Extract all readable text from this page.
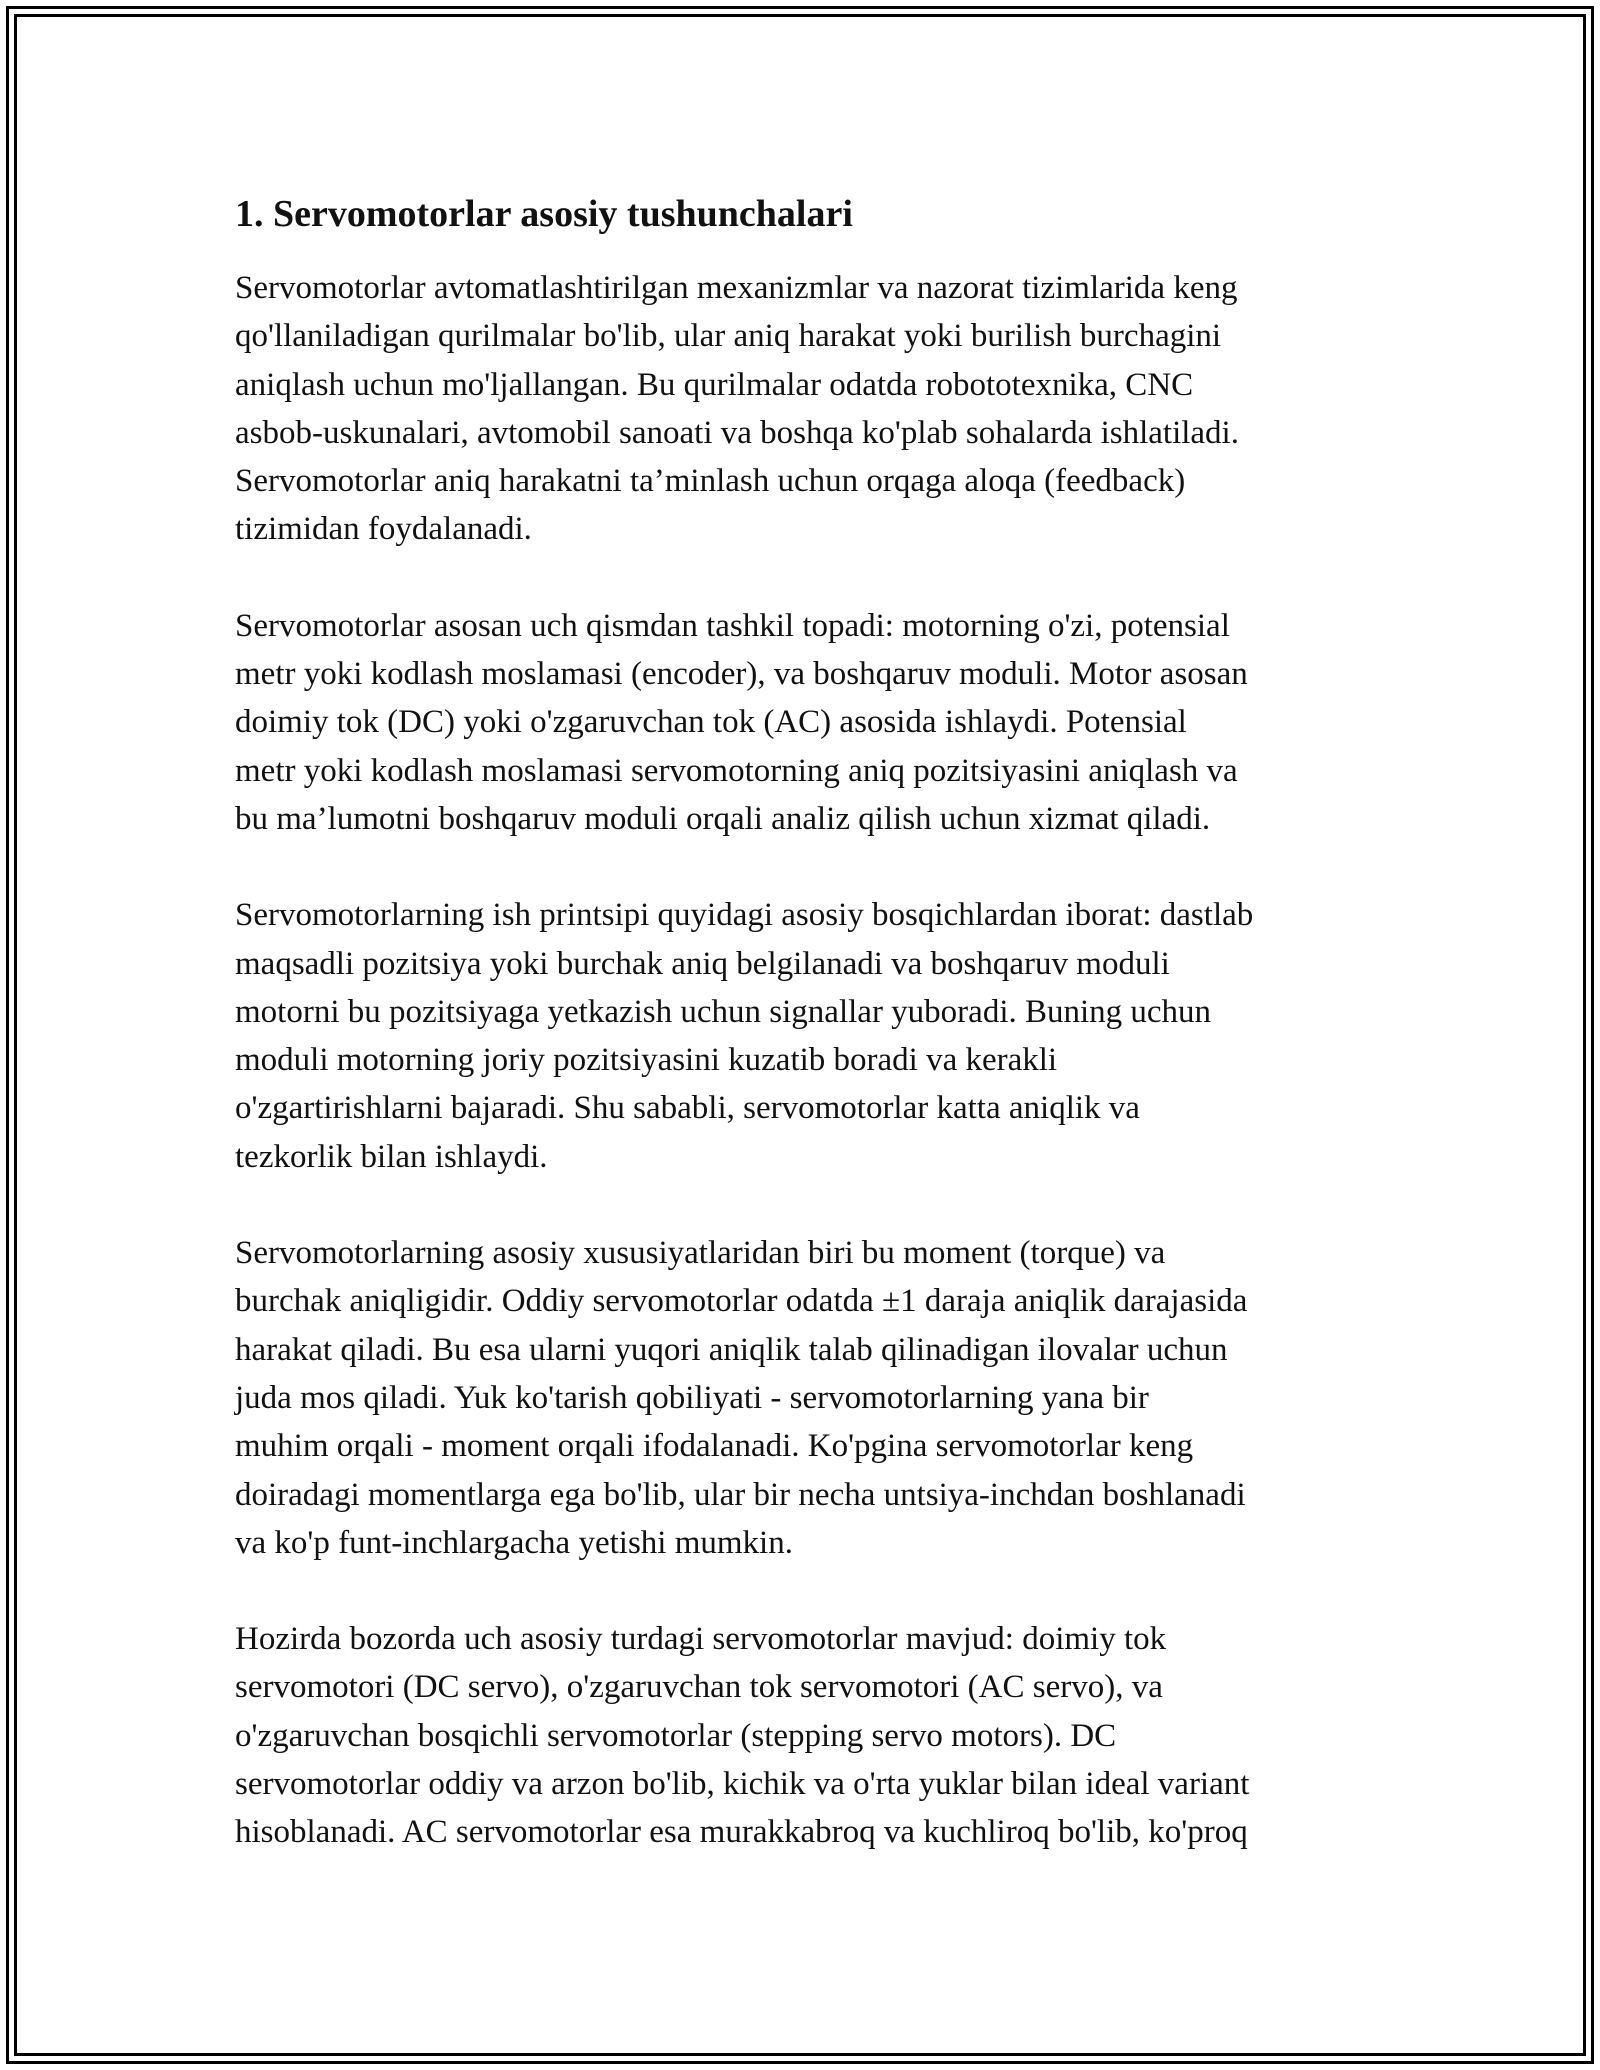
1. Servomotorlar asosiy tushunchalari

Servomotorlar avtomatlashtirilgan mexanizmlar va nazorat tizimlarida keng
qo'llaniladigan qurilmalar bo'lib, ular aniq harakat yoki burilish burchagini
aniqlash uchun mo'ljallangan. Bu qurilmalar odatda robototexnika, CNC
asbob-uskunalari, avtomobil sanoati va boshqa ko'plab sohalarda ishlatiladi.
Servomotorlar aniq harakatni ta’minlash uchun orqaga aloqa (feedback)
tizimidan foydalanadi.

Servomotorlar asosan uch qismdan tashkil topadi: motorning o'zi, potensial
metr yoki kodlash moslamasi (encoder), va boshqaruv moduli. Motor asosan
doimiy tok (DC) yoki o'zgaruvchan tok (AC) asosida ishlaydi. Potensial
metr yoki kodlash moslamasi servomotorning aniq pozitsiyasini aniqlash va
bu ma’lumotni boshqaruv moduli orqali analiz qilish uchun xizmat qiladi.

Servomotorlarning ish printsipi quyidagi asosiy bosqichlardan iborat: dastlab
maqsadli pozitsiya yoki burchak aniq belgilanadi va boshqaruv moduli
motorni bu pozitsiyaga yetkazish uchun signallar yuboradi. Buning uchun
moduli motorning joriy pozitsiyasini kuzatib boradi va kerakli
o'zgartirishlarni bajaradi. Shu sababli, servomotorlar katta aniqlik va
tezkorlik bilan ishlaydi.

Servomotorlarning asosiy xususiyatlaridan biri bu moment (torque) va
burchak aniqligidir. Oddiy servomotorlar odatda ±1 daraja aniqlik darajasida
harakat qiladi. Bu esa ularni yuqori aniqlik talab qilinadigan ilovalar uchun
juda mos qiladi. Yuk ko'tarish qobiliyati - servomotorlarning yana bir
muhim orqali - moment orqali ifodalanadi. Ko'pgina servomotorlar keng
doiradagi momentlarga ega bo'lib, ular bir necha untsiya-inchdan boshlanadi
va ko'p funt-inchlargacha yetishi mumkin.

Hozirda bozorda uch asosiy turdagi servomotorlar mavjud: doimiy tok
servomotori (DC servo), o'zgaruvchan tok servomotori (AC servo), va
o'zgaruvchan bosqichli servomotorlar (stepping servo motors). DC
servomotorlar oddiy va arzon bo'lib, kichik va o'rta yuklar bilan ideal variant
hisoblanadi. AC servomotorlar esa murakkabroq va kuchliroq bo'lib, ko'proq
